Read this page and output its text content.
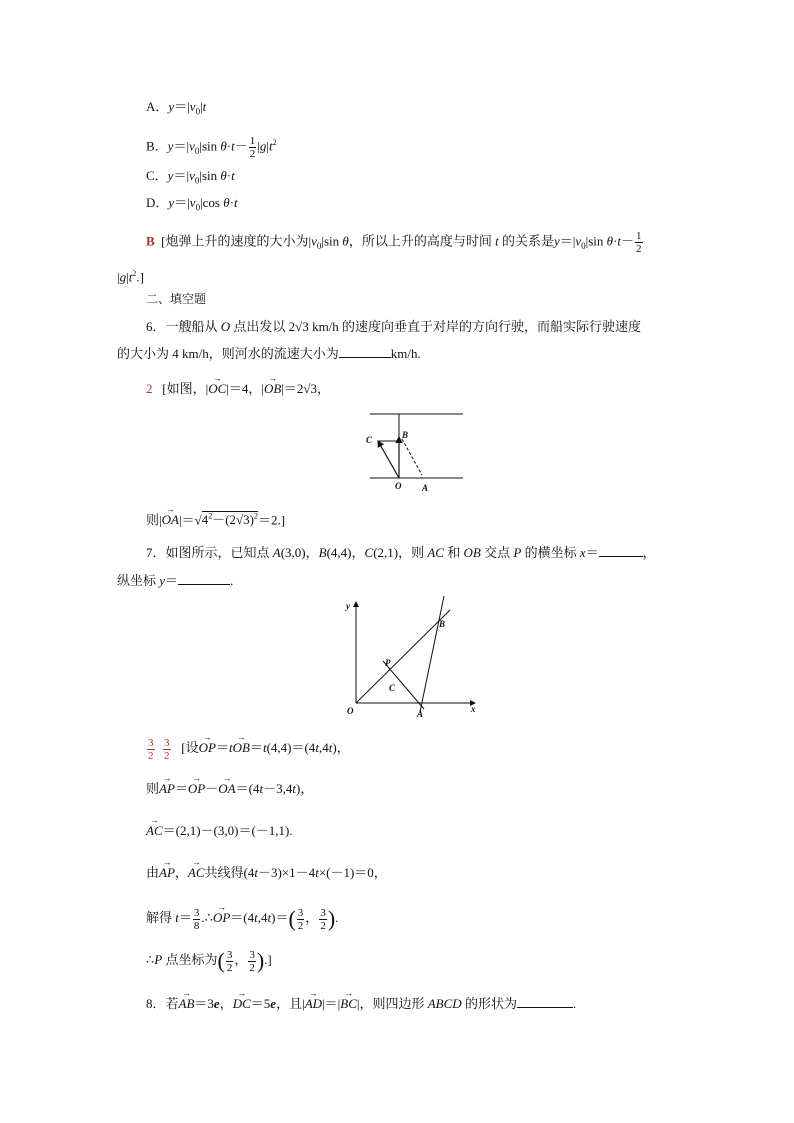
A．$y=|v_0|t$
B．$y=|v_0|\sin$ $\theta\cdot t- \frac{1}{2} |g|t^2$
C．$y=|v_0|\sin$ θ·t
D．$y=|v_0|\cos$ θ·t
B  [炮弹上升的速度的大小为$|v_0|\sin$ θ，所以上升的高度与时间 t 的关系是$y=|v_0|\sin$ $\theta\cdot t- \frac{1}{2}$
$|g|t^2$.]
二、填空题
6．一艘船从 O 点出发以 2√3 km/h 的速度向垂直于对岸的方向行驶，而船实际行驶速度
的大小为 4 km/h，则河水的流速大小为	km/h.
2   [如图，|→ OC|＝4，|→ OB|＝2√3，
C	B
O A
则|→ $OA|=√4^2-(2√3)^2=2$.]
7．如图所示，已知点 A(3,0)，B(4,4)，C(2,1)，则 AC 和 OB 交点 P 的横坐标 x＝	，
纵坐标 y＝	.
y
x
O	A
B
P
C
$\frac{3}{2}$
$\frac{3}{2}$ [设→ OP＝t→ OB＝t(4,4)＝(4t,4t)，
则→ AP＝→ OP－→ OA＝(4t－3,4t)，
→ AC＝(2,1)－(3,0)＝(－1,1).
由→ AP，→ AC共线得(4t－3)×1－4t×(－1)＝0，
解得 $t= \frac{3}{8}$ .∴→ $OP=(4t,4t)=( \frac{3}{2}$ ， $\frac{3}{2}$ ).
∴P 点坐标为( $\frac{3}{2}$ ， $\frac{3}{2}$ ).]
8．若→ AB＝3e，→ DC＝5e，且|→ AD|＝|→ BC|，则四边形 ABCD 的形状为	.
